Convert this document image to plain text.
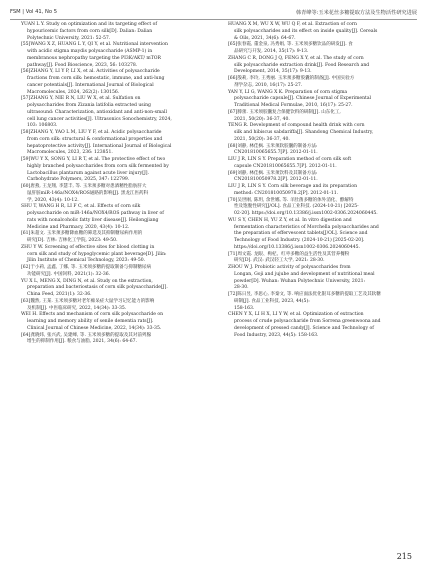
FSM | Vol 41, No 5	韩青峰等:玉米花丝多糖提取方法及生物活性研究进展

YUAN L Y. Study on optimization and its targeting effect of
hypouricemic factors from corn silk[D]. Dalian: Dalian
Polytechnic University, 2021: 52-57.

[55]WANG X Z, HUANG L Y, QI Y, et al. Nutritional intervention
with acidic stigma maydis polysaccharide (ASMP-1) in
membranous nephropathy targeting the PI3K/AKT/ mTOR
pathway[J]. Food Bioscience, 2023, 56: 103278.

[56]ZHANG Y, LI Y P, LI X, et al. Activities of polysaccharide
fractions from corn silk: hemostatic, immune, and anti-lung
cancer potentials[J]. International Journal of Biological
Macromolecules, 2024, 262(2): 130156.

[57]ZHANG Y, NIE R N, LIU W X, et al. Sulfation on
polysaccharides from Zizania latifolia extracted using
ultrasound: Characterization, antioxidant and anti-non-small
cell lung cancer activities[J]. Ultrasonics Sonochemistry, 2024,
103: 106803.

[58]ZHANG Y, YAO L M, LIU Y F, et al. Acidic polysaccharide
from corn silk: structural & conformational properties and
hepatoprotective activity[J]. International Journal of Biological
Macromolecules, 2023, 236: 123851.

[59]WU Y X, SONG Y, LI R T, et al. The protective effect of two
highly branched polysaccharides from corn silk fermented by
Lactobacillus plantarum against acute liver injury[J].
Carbohydrate Polymers, 2025, 347: 122799.

[60]唐燕, 王龙翔, 李慧丰, 等. 玉米须多糖对患酒精性脂肪肝大
鼠肝脏miR-146a/NOX4/ROS通路的影响[J]. 黑龙江医药科
学, 2020, 43(4): 10-12.

SHU T, WANG H R, LI F C, et al. Effects of corn silk
polysaccharide on miR-146a/NOX4/ROS pathway in liver of
rats with nonalcoholic fatty liver disease[J]. Heilongjiang
Medicine and Pharmacy, 2020, 43(4): 10-12.

[61]朱超文. 玉米须多糖降血糖的筛选及其抑制糖尿病作用的
研究[D]. 吉林: 吉林化工学院, 2023: 49-50.

ZHU Y W. Screening of effective sites for blood clotting in
corn silk and study of hypoglycemic plant beverage[D]. Jilin:
Jilin Institute of Chemical Technology, 2023: 49-50.

[62]于小莉, 孟鑫, 丁娜, 等. 玉米须多糖的提取制备与抑制糖尿病
功能研究[J]. 中国饲料, 2021(1): 32-36.

YU X L, MENG X, DING N, et al. Study on the extraction,
preparation and bacteriostasis of corn silk polysaccharide[J].
China Feed, 2021(1): 32-36.

[63]魏然, 王某. 玉米须多糖对老年痴呆症大鼠学习记忆能力的影响
及机制[J]. 中医临床研究, 2022, 14(34): 33-35.

WEI H. Effects and mechanism of corn silk polysaccharide on
learning and memory ability of senile dementia rats[J].
Clinical Journal of Chinese Medicine, 2022, 14(34): 33-35.

[64]龚晓炜, 张兴武, 吴建峰, 等. 玉米须多糖的提取及其对前列腺
增生的抑制作用[J]. 粮食与油脂, 2021, 34(6): 64-67.

HUANG X M, WU X W, WU Q F, et al. Extraction of corn
silk polysaccharides and its effect on inside quality[J]. Cereals
& Oils, 2021, 34(6): 64-67.

[65]张春霞, 董金泉, 冯秀娟, 等. 玉米须多糖饮品的研发[J]. 食
品研究与开发, 2014, 35(17): 9-13.

ZHANG C R, DONG J Q, FENG X Y, et al. The study of corn
silk polysaccharide extraction drink[J]. Food Research and
Development, 2014, 35(17): 9-13.

[66]殷莉, 李玲, 王秀丽. 玉米须多糖胶囊的制备[J]. 中国实验方
剂学杂志, 2010, 16(17): 25-27.

YAN Y, LI G, WANG X K. Preparation of corn stigma
polysaccharide capsule[J]. Chinese Journal of Experimental
Traditional Medical Formulae, 2010, 16(17): 25-27.

[67]滕蕾. 玉米须胶囊复合保健饮料的研制[J]. 山东化工,
2021, 50(20): 36-37, 40.

TENG R. Development of compound health drink with corn
silk and hibiscus sabdariffa[J]. Shandong Chemical Industry,
2021, 50(20): 36-37, 40.

[68]刘静, 林佳枫. 玉米须软胶囊的制备方法:
CN201810065655.7[P]. 2012-01-11.

LIU J R, LIN S Y. Preparation method of corn silk soft
capsule CN201810065655.7[P]. 2012-01-11.

[69]刘静, 林佳枫. 玉米须饮料及其制备方法:
CN201810050978.2[P]. 2012-01-11.

LIU J R, LIN S Y. Corn silk beverage and its preparation
method: CN201810050978.2[P]. 2012-01-11.

[70]吴世刚, 陈玥, 余世娜, 等. 羊肚菌多糖的体外消化、酵解特
性及饱腹性研究[J/OL]. 食品工业科技. (2024-10-21) [2025-
02-20]. https://doi.org/10.13386/j.issn1002-0306.2024060445.

WU S Y, CHEN H, YU Z Y, et al. In vitro digestion and
fermentation characteristics of Morchella polysaccharides and
the preparation of effervescent tablets[J/OL]. Science and
Technology of Food Industry. (2024-10-21) [2025-02-20].
https://doi.org/10.13386/j.issn1002-0306.2024060445.

[71]周文霞. 龙眼、枸杞、红枣多糖的益生活性及其营养餐粉
研究[D]. 武汉: 武汉轻工大学, 2021: 28-30.

ZHOU W J. Probiotic activity of polysaccharides from
Longan, Goji and jujube and development of nutritional meal
powder[D]. Wuhan: Wuhan Polytechnic University, 2021:
28-30.

[72]陈日昱, 李思心, 李秦文, 等. 响应面法优化银耳多糖的提取工艺及其软糖
研制[J]. 食品工业科技, 2023, 44(5):
158-163.

CHEN Y X, LI H X, LI Y W, et al. Optimization of extraction
process of crude polysaccharide from Sorrena greenwoona and
development of pressed candy[J]. Science and Technology of
Food Industry, 2023, 44(5): 158-163.

215
